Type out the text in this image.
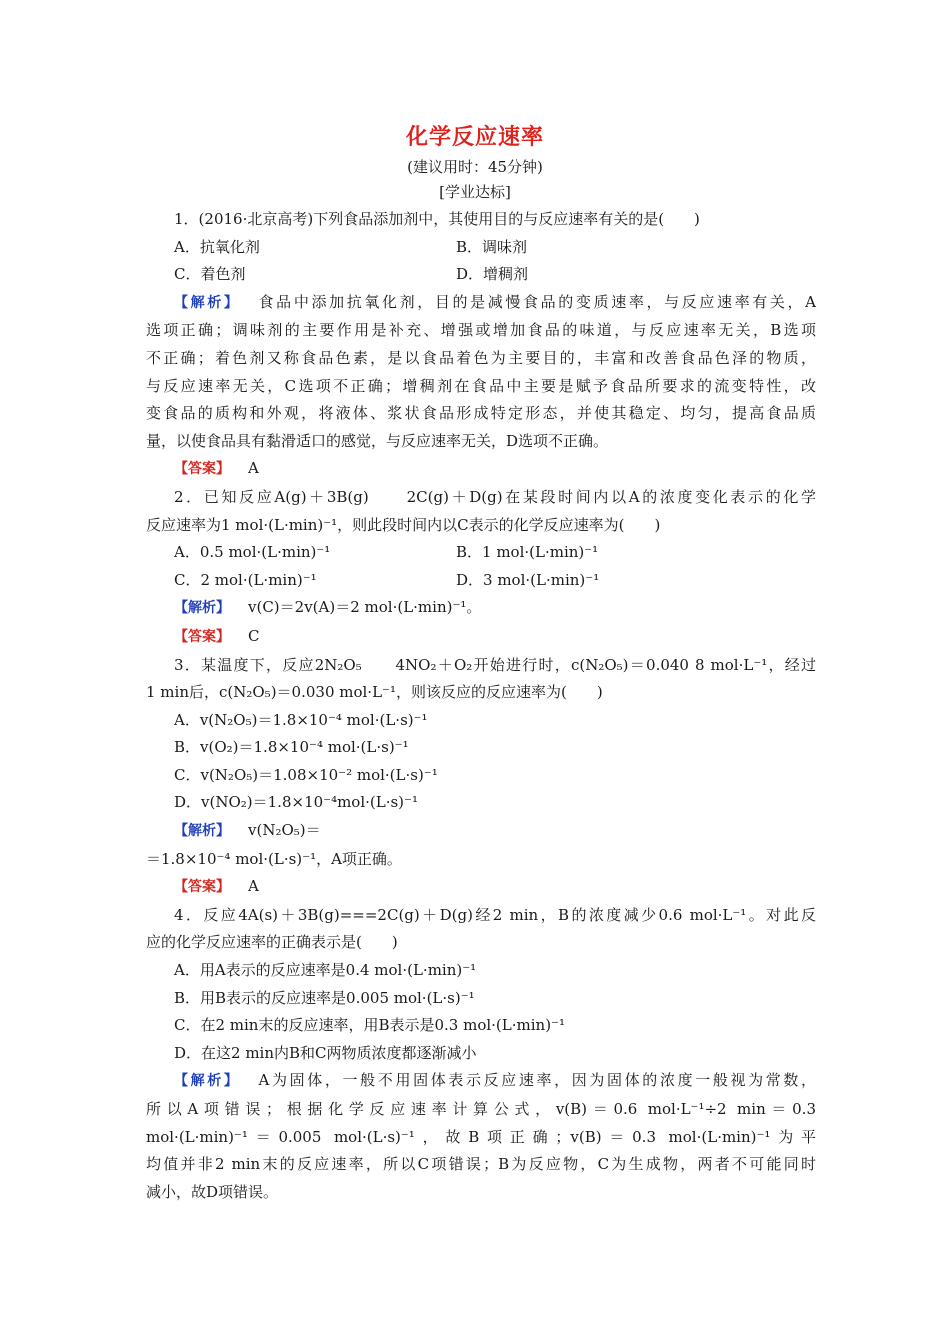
化学反应速率
(建议用时：45分钟)
[学业达标]

1．(2016·北京高考)下列食品添加剂中，其使用目的与反应速率有关的是(　　)

A．抗氧化剂	B．调味剂
C．着色剂	D．增稠剂

【解析】 食品中添加抗氧化剂，目的是减慢食品的变质速率，与反应速率有关，A

选项正确；调味剂的主要作用是补充、增强或增加食品的味道，与反应速率无关，B选项

不正确；着色剂又称食品色素，是以食品着色为主要目的，丰富和改善食品色泽的物质，

与反应速率无关，C选项不正确；增稠剂在食品中主要是赋予食品所要求的流变特性，改

变食品的质构和外观，将液体、浆状食品形成特定形态，并使其稳定、均匀，提高食品质

量，以使食品具有黏滑适口的感觉，与反应速率无关，D选项不正确。

【答案】 A

2．已知反应A(g)＋3B(g)　　2C(g)＋D(g)在某段时间内以A的浓度变化表示的化学

反应速率为1 mol·(L·min)⁻¹，则此段时间内以C表示的化学反应速率为(　　)

A．0.5 mol·(L·min)⁻¹	B．1 mol·(L·min)⁻¹
C．2 mol·(L·min)⁻¹	D．3 mol·(L·min)⁻¹

【解析】 v(C)＝2v(A)＝2 mol·(L·min)⁻¹。

【答案】 C

3．某温度下，反应2N₂O₅　　4NO₂＋O₂开始进行时，c(N₂O₅)＝0.040 8 mol·L⁻¹，经过

1 min后，c(N₂O₅)＝0.030 mol·L⁻¹，则该反应的反应速率为(　　)

A．v(N₂O₅)＝1.8×10⁻⁴ mol·(L·s)⁻¹

B．v(O₂)＝1.8×10⁻⁴ mol·(L·s)⁻¹

C．v(N₂O₅)＝1.08×10⁻² mol·(L·s)⁻¹

D．v(NO₂)＝1.8×10⁻⁴mol·(L·s)⁻¹

【解析】 v(N₂O₅)＝

＝1.8×10⁻⁴ mol·(L·s)⁻¹，A项正确。

【答案】 A

4．反应4A(s)＋3B(g)===2C(g)＋D(g)经2 min，B的浓度减少0.6 mol·L⁻¹。对此反

应的化学反应速率的正确表示是(　　)

A．用A表示的反应速率是0.4 mol·(L·min)⁻¹

B．用B表示的反应速率是0.005 mol·(L·s)⁻¹

C．在2 min末的反应速率，用B表示是0.3 mol·(L·min)⁻¹

D．在这2 min内B和C两物质浓度都逐渐减小

【解析】 A为固体，一般不用固体表示反应速率，因为固体的浓度一般视为常数，

所以A项错误；根据化学反应速率计算公式，v(B)＝0.6 mol·L⁻¹÷2 min＝0.3

mol·(L·min)⁻¹＝0.005 mol·(L·s)⁻¹，故B项正确；v(B)＝0.3 mol·(L·min)⁻¹为平

均值并非2 min末的反应速率，所以C项错误；B为反应物，C为生成物，两者不可能同时

减小，故D项错误。
